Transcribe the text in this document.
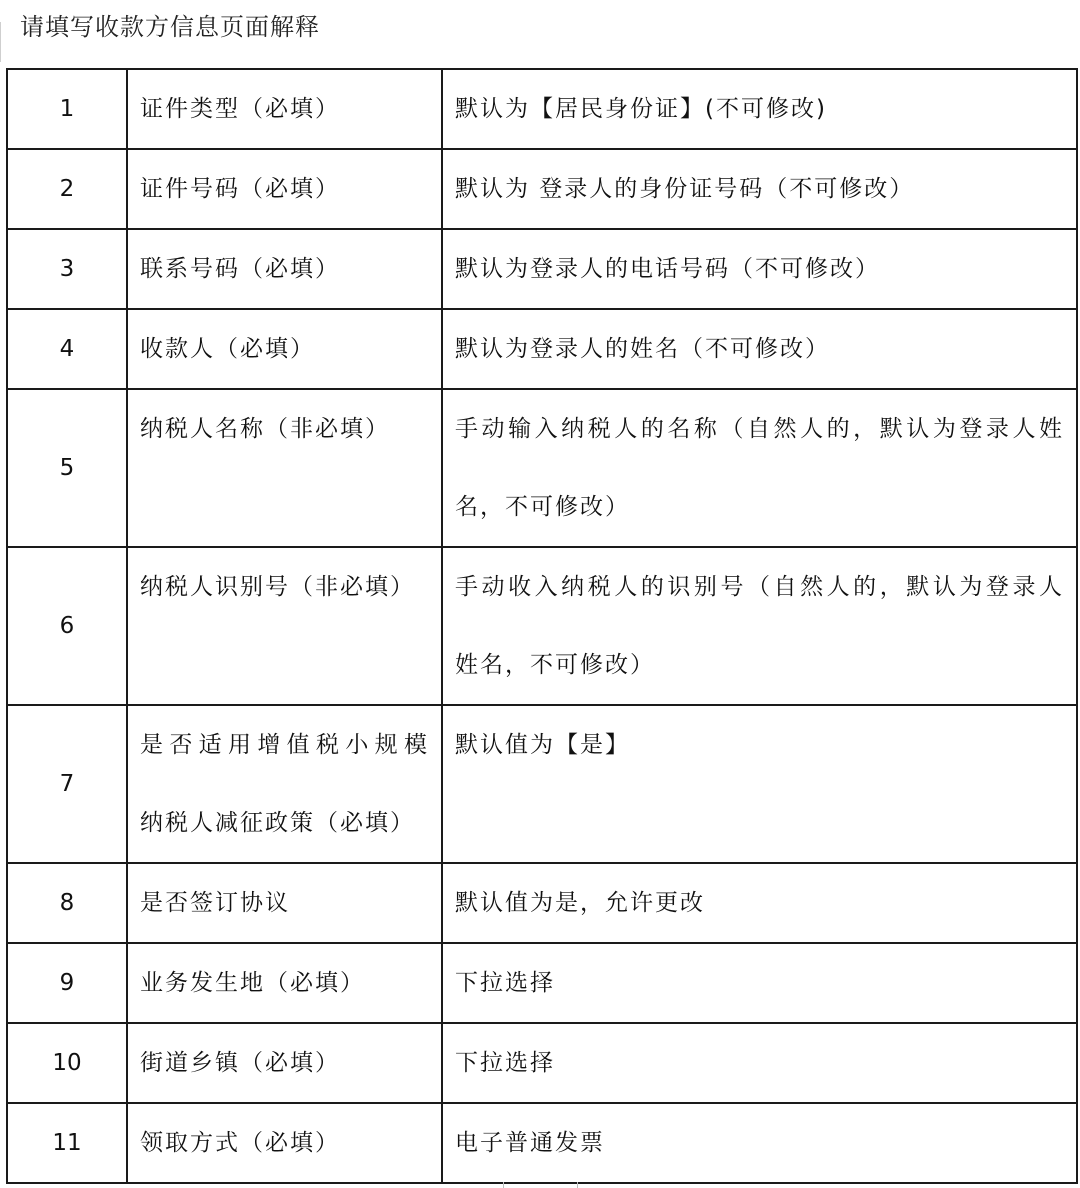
请填写收款方信息页面解释
1	证件类型（必填）	默认为【居民身份证】(不可修改)
2	证件号码（必填）	默认为 登录人的身份证号码（不可修改）
3	联系号码（必填）	默认为登录人的电话号码（不可修改）
4	收款人（必填）	默认为登录人的姓名（不可修改）
5	纳税人名称（非必填）	手动输入纳税人的名称（自然人的，默认为登录人姓
名，不可修改）
6	纳税人识别号（非必填）	手动收入纳税人的识别号（自然人的，默认为登录人
姓名，不可修改）
7	是否适用增值税小规模
纳税人减征政策（必填）	默认值为【是】
8	是否签订协议	默认值为是，允许更改
9	业务发生地（必填）	下拉选择
10	街道乡镇（必填）	下拉选择
11	领取方式（必填）	电子普通发票
